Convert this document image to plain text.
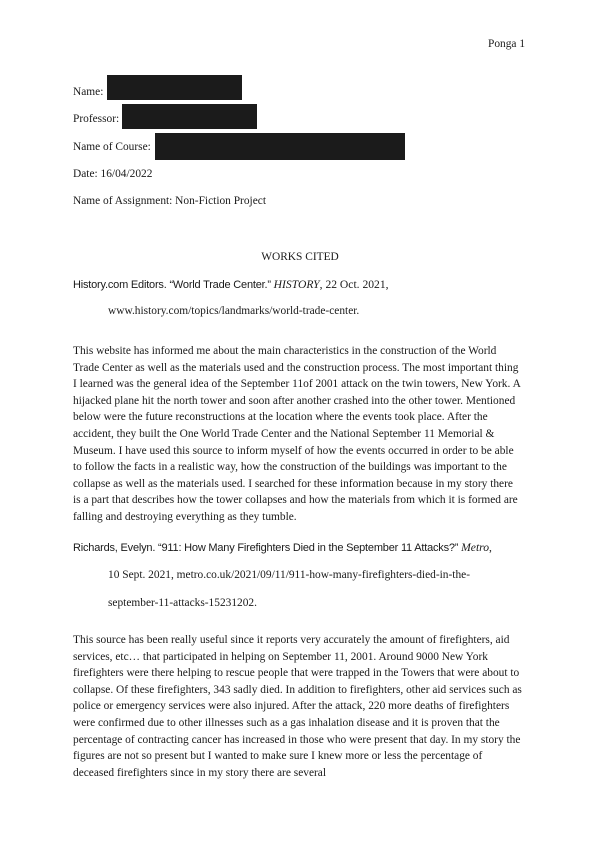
Ponga 1
Name:
Professor:
Name of Course:
Date: 16/04/2022
Name of Assignment: Non-Fiction Project
WORKS CITED
History.com Editors. “World Trade Center.” HISTORY, 22 Oct. 2021,
www.history.com/topics/landmarks/world-trade-center.
This website has informed me about the main characteristics in the construction of the World Trade Center as well as the materials used and the construction process. The most important thing I learned was the general idea of the September 11of 2001 attack on the twin towers, New York. A hijacked plane hit the north tower and soon after another crashed into the other tower. Mentioned below were the future reconstructions at the location where the events took place. After the accident, they built the One World Trade Center and the National September 11 Memorial & Museum. I have used this source to inform myself of how the events occurred in order to be able to follow the facts in a realistic way, how the construction of the buildings was important to the collapse as well as the materials used. I searched for these information because in my story there is a part that describes how the tower collapses and how the materials from which it is formed are falling and destroying everything as they tumble.
Richards, Evelyn. “911: How Many Firefighters Died in the September 11 Attacks?” Metro,
10 Sept. 2021, metro.co.uk/2021/09/11/911-how-many-firefighters-died-in-the-
september-11-attacks-15231202.
This source has been really useful since it reports very accurately the amount of firefighters, aid services, etc… that participated in helping on September 11, 2001. Around 9000 New York firefighters were there helping to rescue people that were trapped in the Towers that were about to collapse. Of these firefighters, 343 sadly died. In addition to firefighters, other aid services such as police or emergency services were also injured. After the attack, 220 more deaths of firefighters were confirmed due to other illnesses such as a gas inhalation disease and it is proven that the percentage of contracting cancer has increased in those who were present that day. In my story the figures are not so present but I wanted to make sure I knew more or less the percentage of deceased firefighters since in my story there are several
